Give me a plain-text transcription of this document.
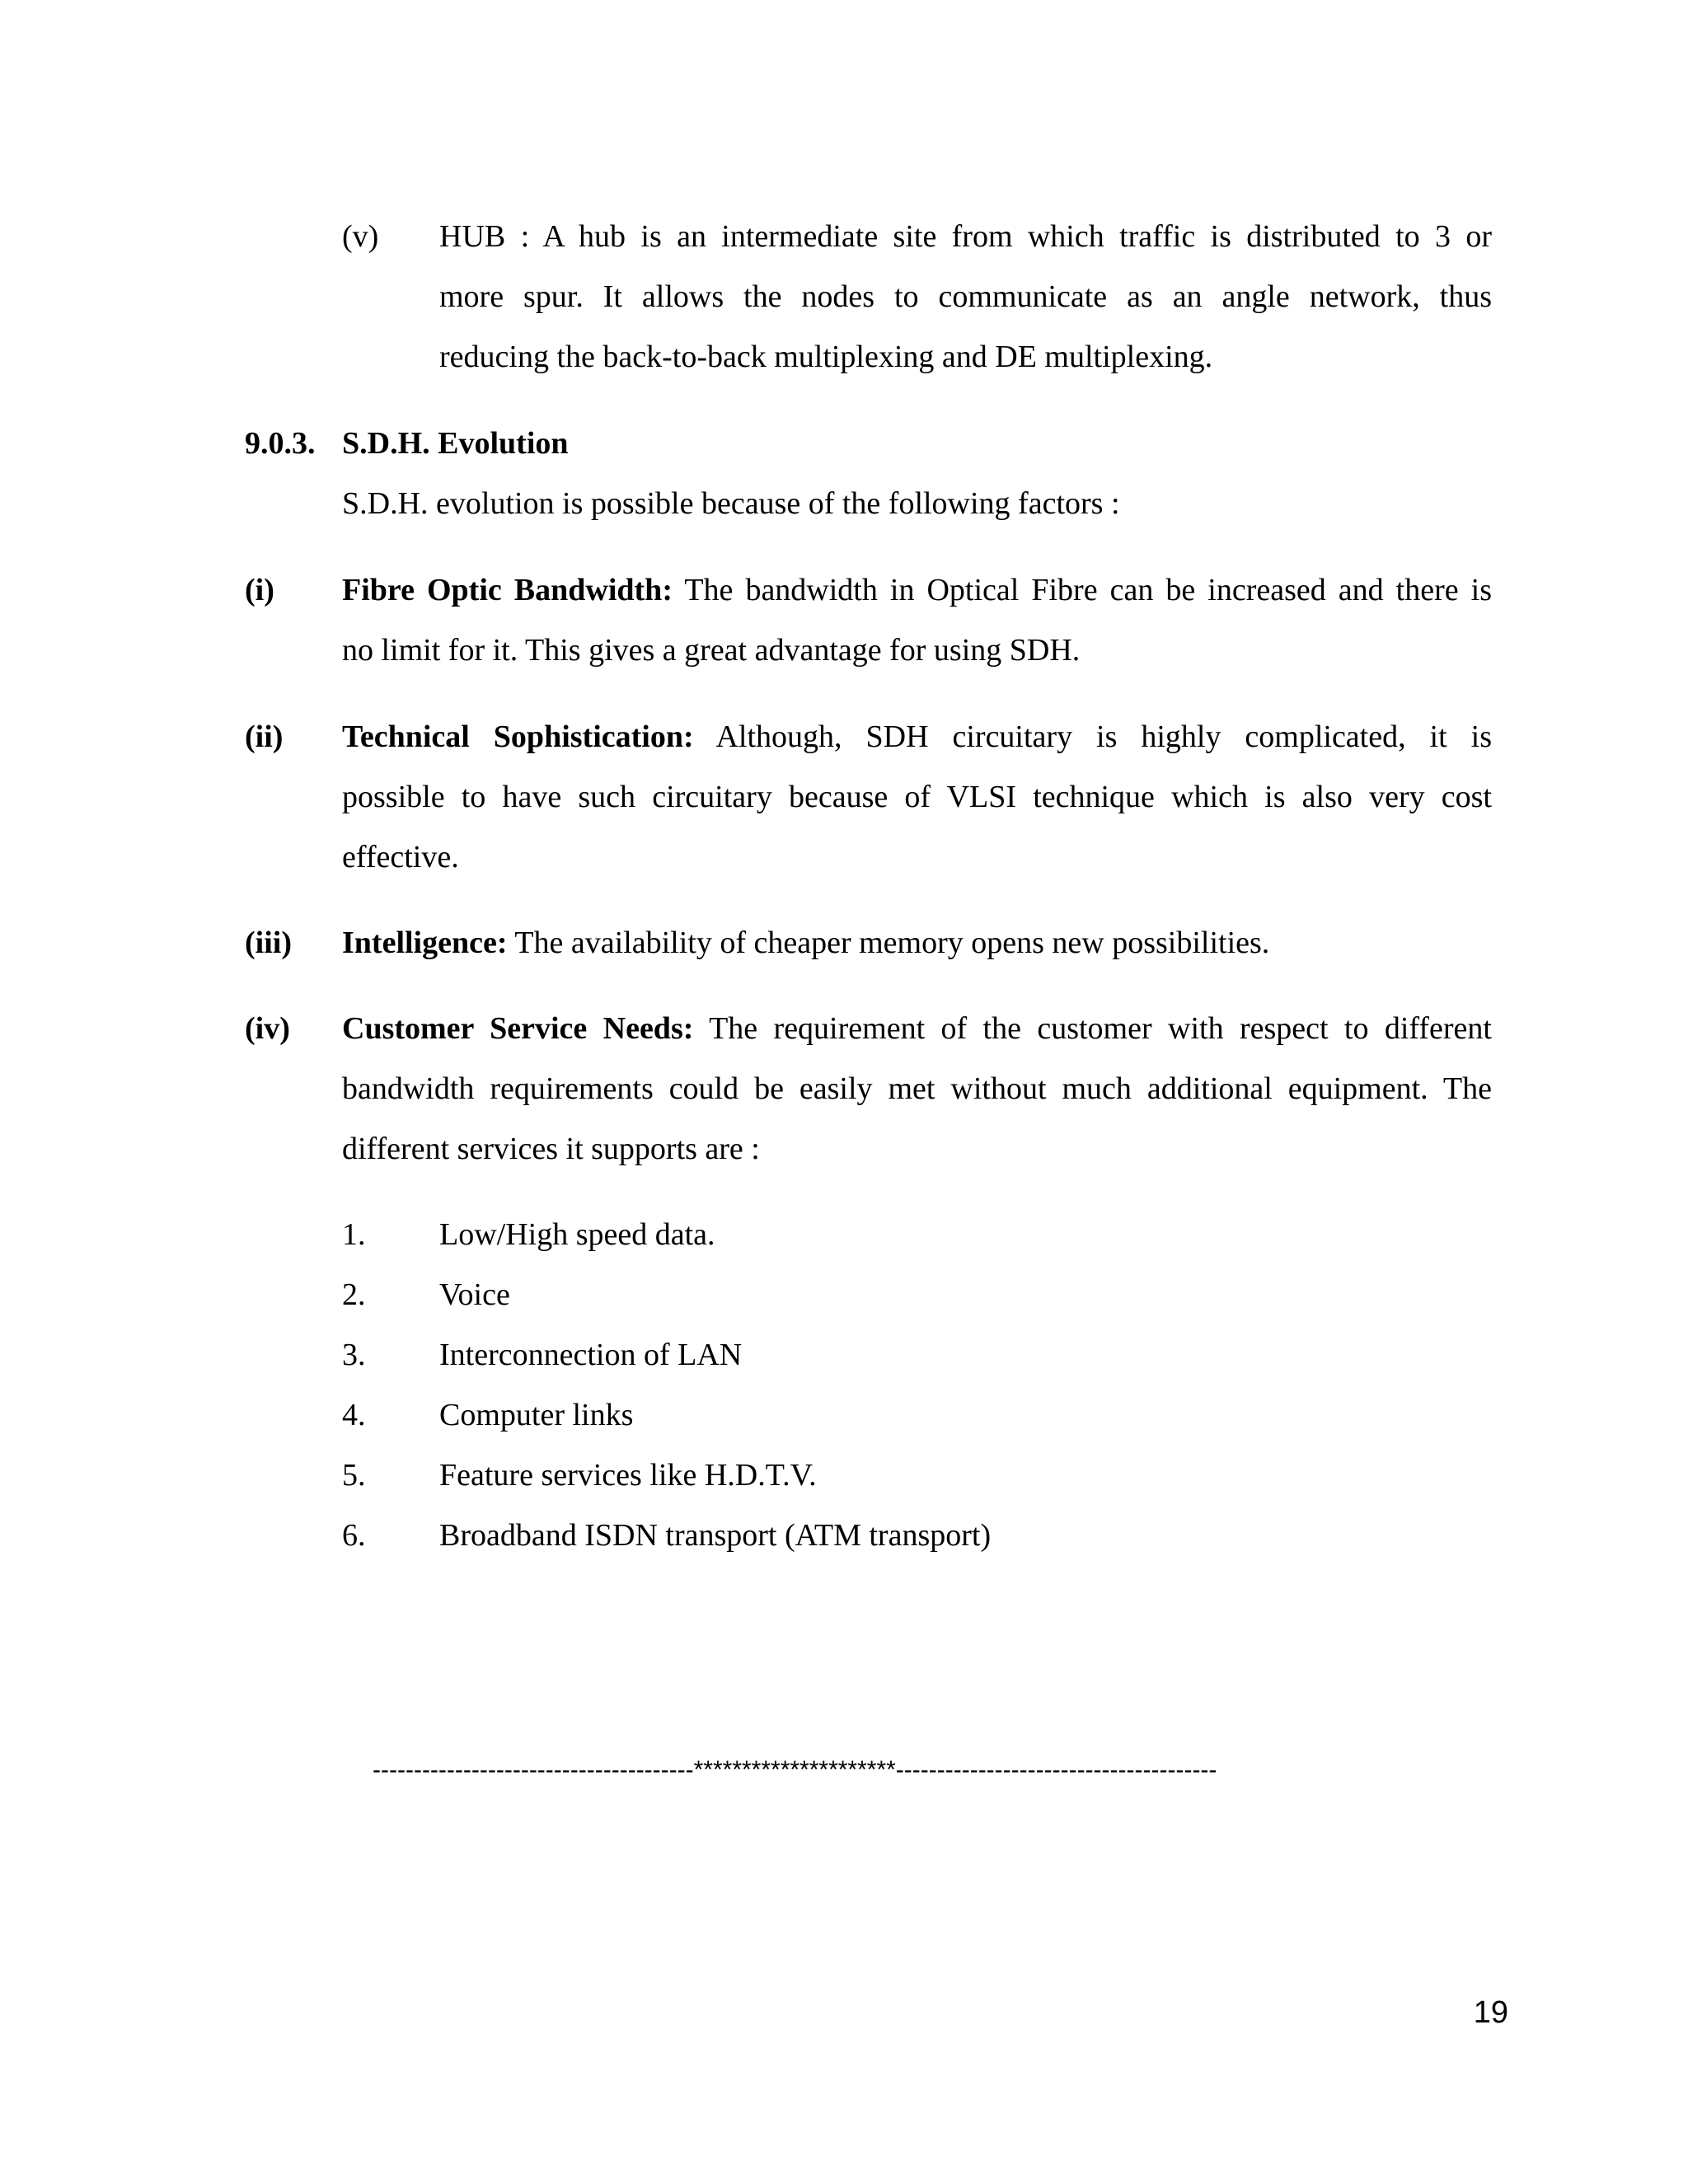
(v) HUB : A hub is an intermediate site from which traffic is distributed to 3 or
more spur. It allows the nodes to communicate as an angle network, thus
reducing the back-to-back multiplexing and DE multiplexing.
9.0.3. S.D.H. Evolution
S.D.H. evolution is possible because of the following factors :
(i) Fibre Optic Bandwidth: The bandwidth in Optical Fibre can be increased and there is
no limit for it. This gives a great advantage for using SDH.
(ii) Technical Sophistication: Although, SDH circuitary is highly complicated, it is
possible to have such circuitary because of VLSI technique which is also very cost
effective.
(iii) Intelligence: The availability of cheaper memory opens new possibilities.
(iv) Customer Service Needs: The requirement of the customer with respect to different
bandwidth requirements could be easily met without much additional equipment. The
different services it supports are :
1. Low/High speed data.
2. Voice
3. Interconnection of LAN
4. Computer links
5. Feature services like H.D.T.V.
6. Broadband ISDN transport (ATM transport)
---------------------------------------*********************---------------------------------------
19
